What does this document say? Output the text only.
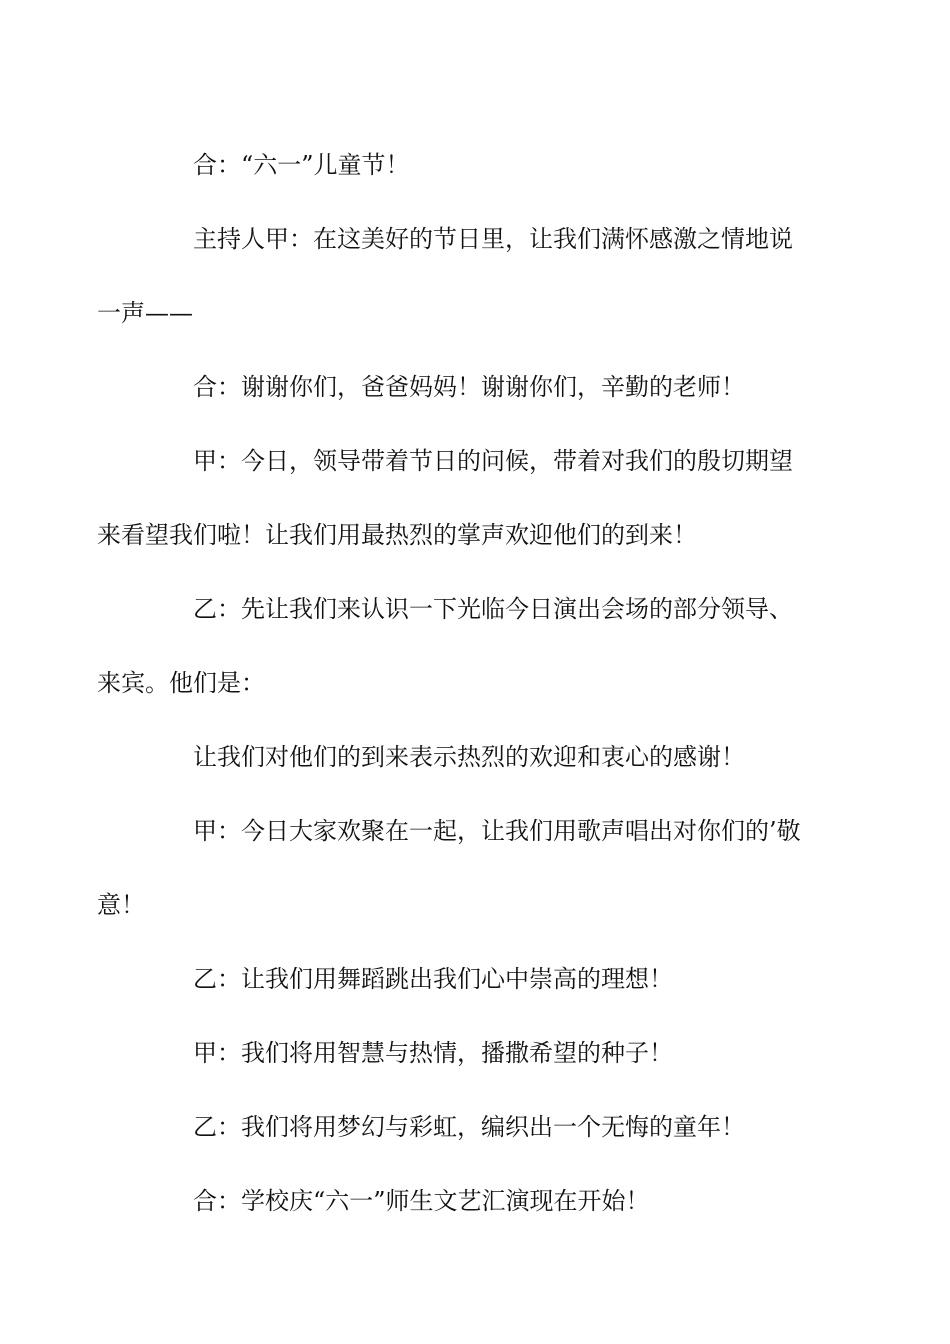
合：“六一”儿童节！

主持人甲：在这美好的节日里，让我们满怀感激之情地说
一声——

合：谢谢你们，爸爸妈妈！谢谢你们，辛勤的老师！

甲：今日，领导带着节日的问候，带着对我们的殷切期望
来看望我们啦！让我们用最热烈的掌声欢迎他们的到来！

乙：先让我们来认识一下光临今日演出会场的部分领导、
来宾。他们是：

让我们对他们的到来表示热烈的欢迎和衷心的感谢！

甲：今日大家欢聚在一起，让我们用歌声唱出对你们的’敬
意！

乙：让我们用舞蹈跳出我们心中崇高的理想！

甲：我们将用智慧与热情，播撒希望的种子！

乙：我们将用梦幻与彩虹，编织出一个无悔的童年！

合：学校庆“六一”师生文艺汇演现在开始！
